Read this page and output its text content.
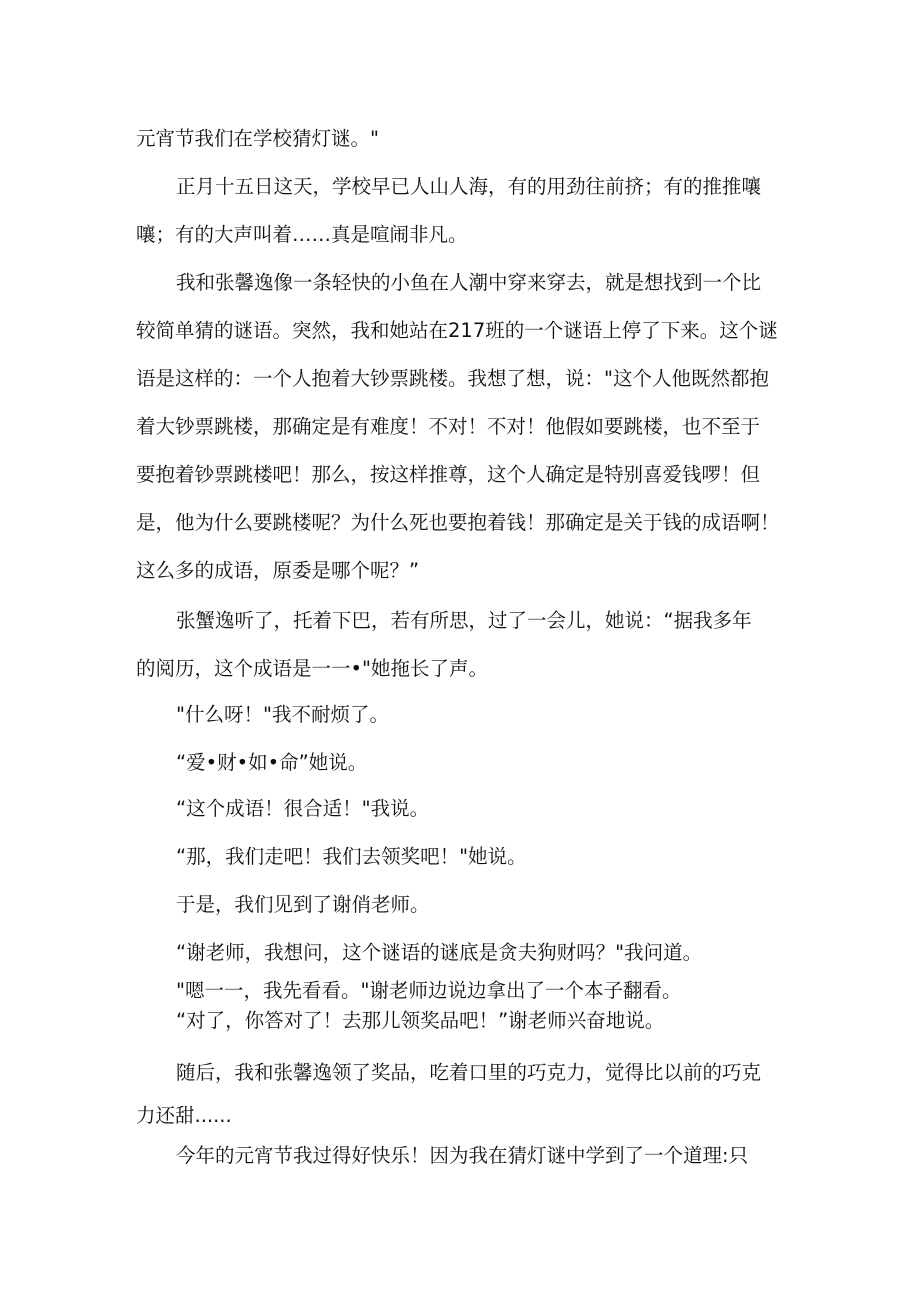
元宵节我们在学校猜灯谜。"
正月十五日这天，学校早已人山人海，有的用劲往前挤；有的推推嚷
嚷；有的大声叫着……真是喧闹非凡。
我和张馨逸像一条轻快的小鱼在人潮中穿来穿去，就是想找到一个比
较简单猜的谜语。突然，我和她站在217班的一个谜语上停了下来。这个谜
语是这样的：一个人抱着大钞票跳楼。我想了想，说："这个人他既然都抱
着大钞票跳楼，那确定是有难度！不对！不对！他假如要跳楼，也不至于
要抱着钞票跳楼吧！那么，按这样推尊，这个人确定是特别喜爱钱啰！但
是，他为什么要跳楼呢？为什么死也要抱着钱！那确定是关于钱的成语啊！
这么多的成语，原委是哪个呢？”
张蟹逸听了，托着下巴，若有所思，过了一会儿，她说：“据我多年
的阅历，这个成语是一一•"她拖长了声。
"什么呀！"我不耐烦了。
“爱•财•如•命”她说。
“这个成语！很合适！"我说。
“那，我们走吧！我们去领奖吧！"她说。
于是，我们见到了谢俏老师。
“谢老师，我想问，这个谜语的谜底是贪夫狗财吗？"我问道。
"嗯一一，我先看看。"谢老师边说边拿出了一个本子翻看。
“对了，你答对了！去那儿领奖品吧！”谢老师兴奋地说。
随后，我和张馨逸领了奖品，吃着口里的巧克力，觉得比以前的巧克
力还甜......
今年的元宵节我过得好快乐！因为我在猜灯谜中学到了一个道理:只
